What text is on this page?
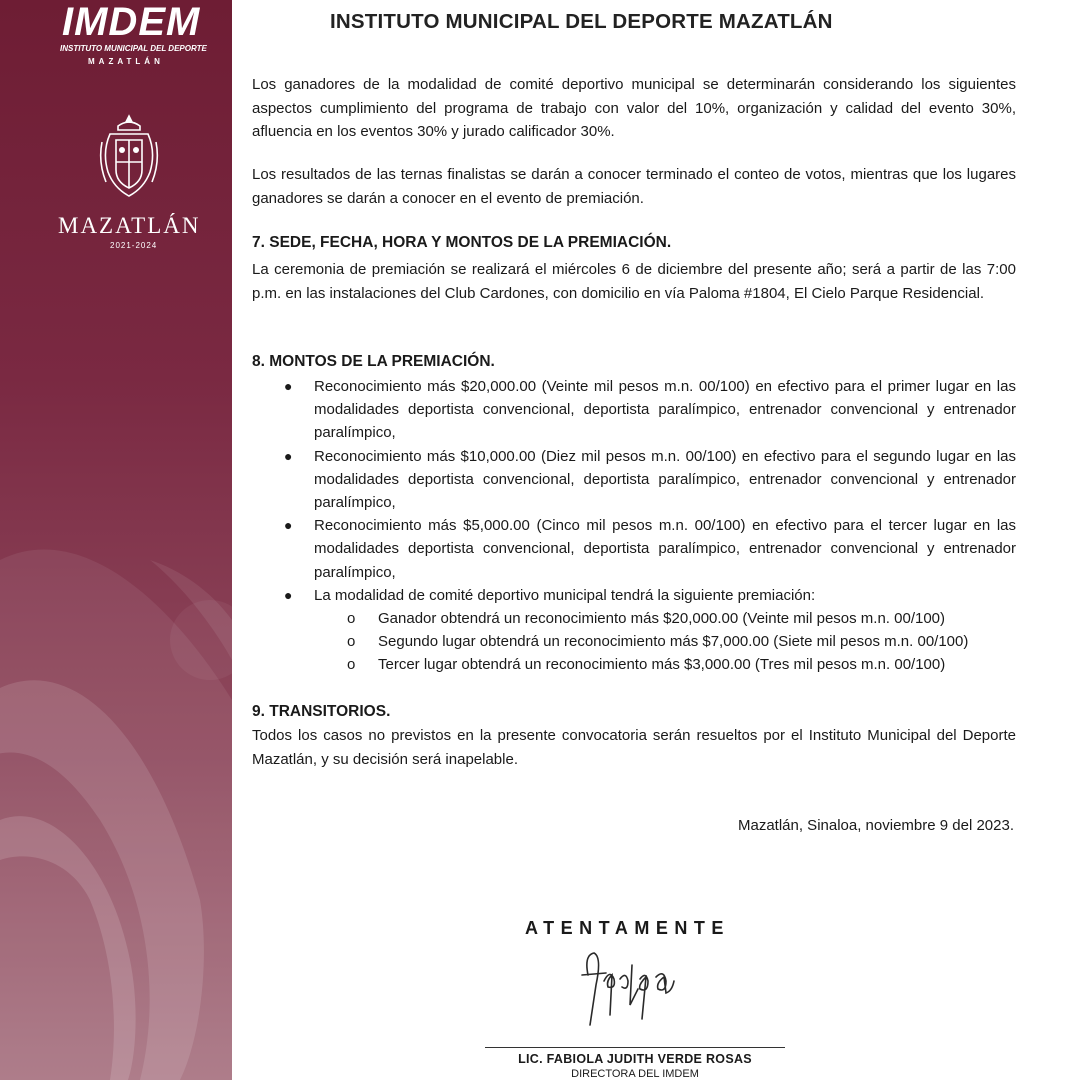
IMDEM
INSTITUTO MUNICIPAL DEL DEPORTE
MAZATLÁN
MAZATLÁN
2021-2024
INSTITUTO MUNICIPAL DEL DEPORTE MAZATLÁN

Los ganadores de la modalidad de comité deportivo municipal se determinarán considerando los siguientes aspectos cumplimiento del programa de trabajo con valor del 10%, organización y calidad del evento 30%, afluencia en los eventos 30% y jurado calificador 30%.

Los resultados de las ternas finalistas se darán a conocer terminado el conteo de votos, mientras que los lugares ganadores se darán a conocer en el evento de premiación.

7. SEDE, FECHA, HORA Y MONTOS DE LA PREMIACIÓN.

La ceremonia de premiación se realizará el miércoles 6 de diciembre del presente año; será a partir de las 7:00 p.m. en las instalaciones del Club Cardones, con domicilio en vía Paloma #1804, El Cielo Parque Residencial.

8. MONTOS DE LA PREMIACIÓN.

● Reconocimiento más $20,000.00 (Veinte mil pesos m.n. 00/100) en efectivo para el primer lugar en las modalidades deportista convencional, deportista paralímpico, entrenador convencional y entrenador paralímpico,
● Reconocimiento más $10,000.00 (Diez mil pesos m.n. 00/100) en efectivo para el segundo lugar en las modalidades deportista convencional, deportista paralímpico, entrenador convencional y entrenador paralímpico,
● Reconocimiento más $5,000.00 (Cinco mil pesos m.n. 00/100) en efectivo para el tercer lugar en las modalidades deportista convencional, deportista paralímpico, entrenador convencional y entrenador paralímpico,
● La modalidad de comité deportivo municipal tendrá la siguiente premiación:
o Ganador obtendrá un reconocimiento más $20,000.00 (Veinte mil pesos m.n. 00/100)
o Segundo lugar obtendrá un reconocimiento más $7,000.00 (Siete mil pesos m.n. 00/100)
o Tercer lugar obtendrá un reconocimiento más $3,000.00 (Tres mil pesos m.n. 00/100)

9. TRANSITORIOS.

Todos los casos no previstos en la presente convocatoria serán resueltos por el Instituto Municipal del Deporte Mazatlán, y su decisión será inapelable.

Mazatlán, Sinaloa, noviembre 9 del 2023.
ATENTAMENTE
LIC. FABIOLA JUDITH VERDE ROSAS
DIRECTORA DEL IMDEM
